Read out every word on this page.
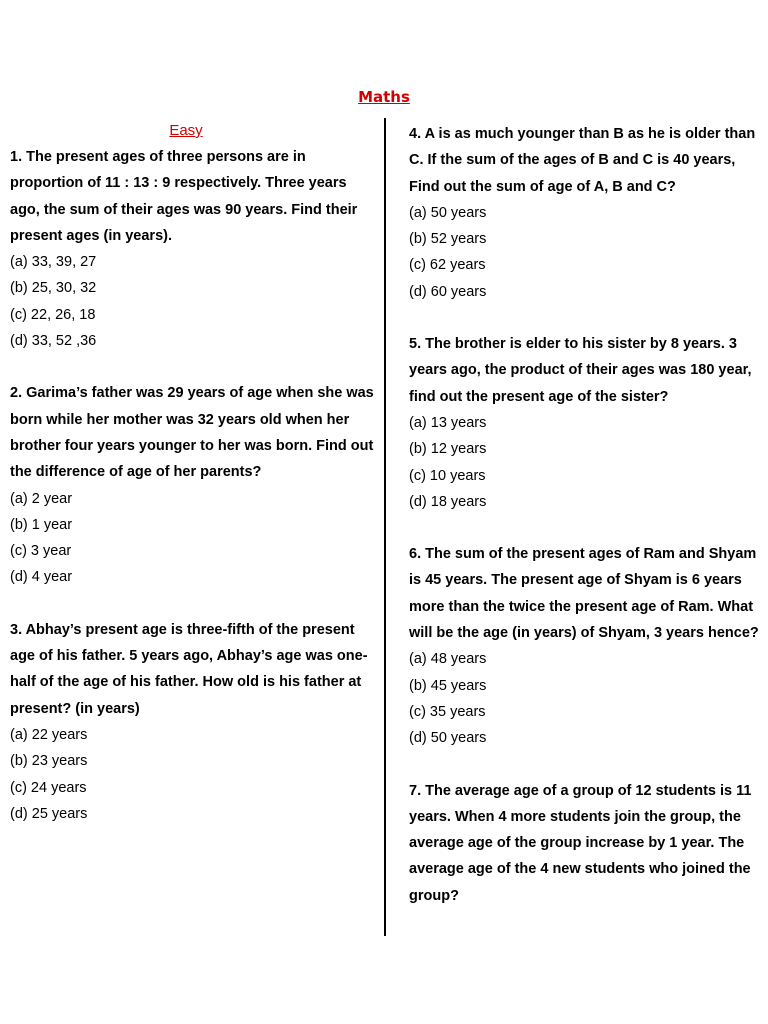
Maths
Easy

1. The present ages of three persons are in proportion of 11 : 13 : 9 respectively. Three years ago, the sum of their ages was 90 years. Find their present ages (in years).

(a) 33, 39, 27

(b) 25, 30, 32

(c) 22, 26, 18

(d) 33, 52 ,36

2. Garima’s father was 29 years of age when she was born while her mother was 32 years old when her brother four years younger to her was born. Find out the difference of age of her parents?

(a) 2 year

(b) 1 year

(c) 3 year

(d) 4 year

3. Abhay’s present age is three-fifth of the present age of his father. 5 years ago, Abhay’s age was one-half of the age of his father. How old is his father at present? (in years)

(a) 22 years

(b) 23 years

(c) 24 years

(d) 25 years

4. A is as much younger than B as he is older than C. If the sum of the ages of B and C is 40 years, Find out the sum of age of A, B and C?

(a) 50 years

(b) 52 years

(c) 62 years

(d) 60 years

5. The brother is elder to his sister by 8 years. 3 years ago, the product of their ages was 180 year, find out the present age of the sister?

(a) 13 years

(b) 12 years

(c) 10 years

(d) 18 years

6. The sum of the present ages of Ram and Shyam is 45 years. The present age of Shyam is 6 years more than the twice the present age of Ram. What will be the age (in years) of Shyam, 3 years hence?

(a) 48 years

(b) 45 years

(c) 35 years

(d) 50 years

7. The average age of a group of 12 students is 11 years. When 4 more students join the group, the average age of the group increase by 1 year. The average age of the 4 new students who joined the group?
